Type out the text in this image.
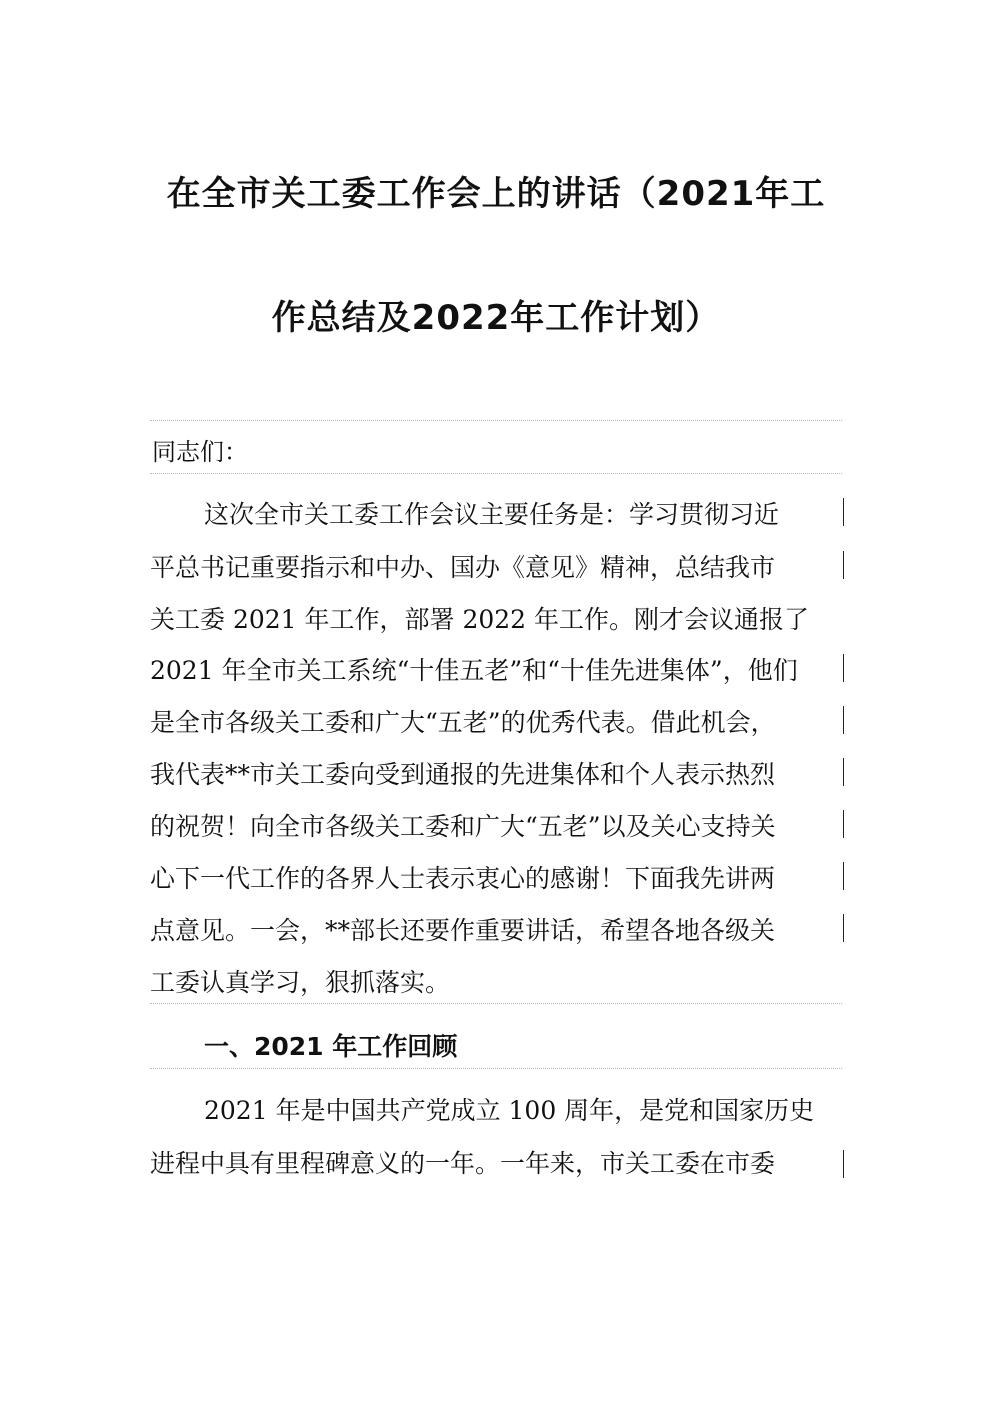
在全市关工委工作会上的讲话（2021年工
作总结及2022年工作计划）
同志们：
这次全市关工委工作会议主要任务是：学习贯彻习近
平总书记重要指示和中办、国办《意见》精神，总结我市
关工委 2021 年工作，部署 2022 年工作。刚才会议通报了
2021 年全市关工系统“十佳五老”和“十佳先进集体”，他们
是全市各级关工委和广大“五老”的优秀代表。借此机会，
我代表**市关工委向受到通报的先进集体和个人表示热烈
的祝贺！向全市各级关工委和广大“五老”以及关心支持关
心下一代工作的各界人士表示衷心的感谢！下面我先讲两
点意见。一会，**部长还要作重要讲话，希望各地各级关
工委认真学习，狠抓落实。
一、2021 年工作回顾
2021 年是中国共产党成立 100 周年，是党和国家历史
进程中具有里程碑意义的一年。一年来，市关工委在市委
